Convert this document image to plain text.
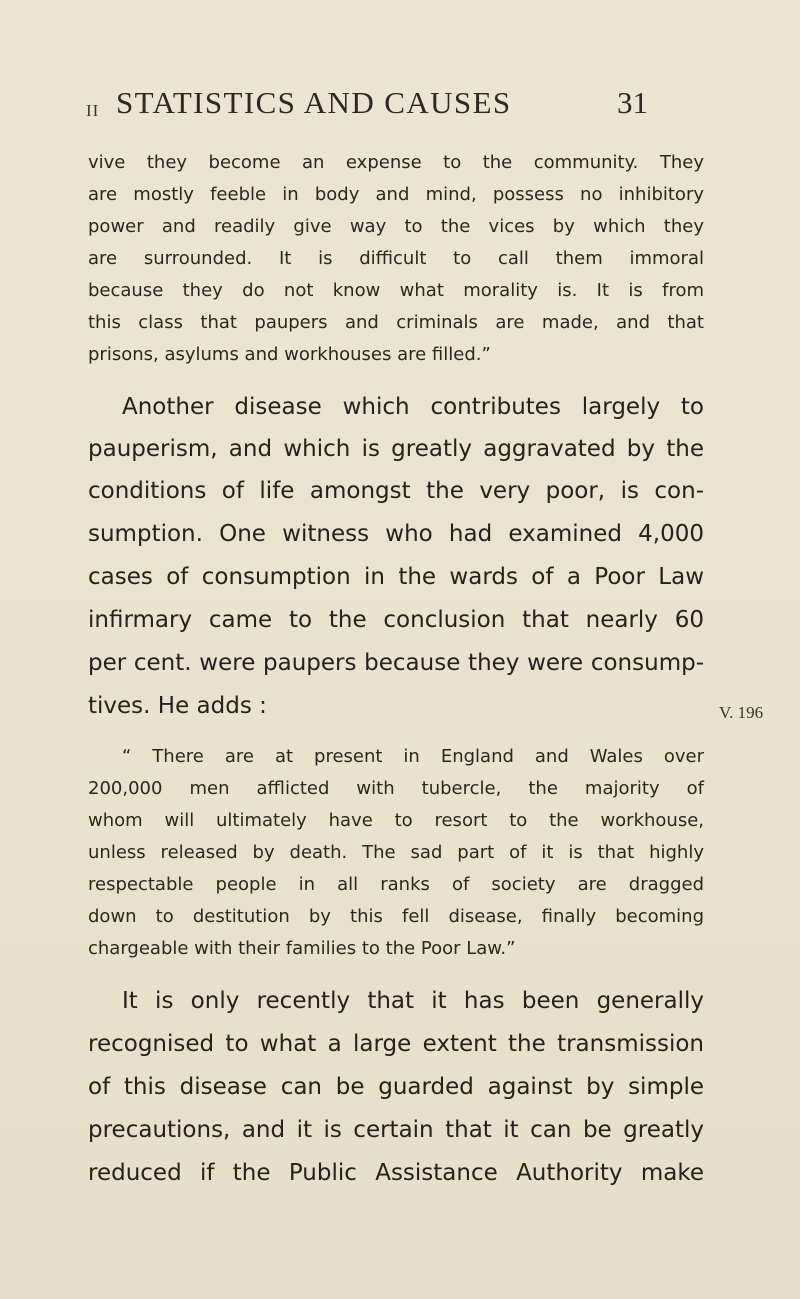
II STATISTICS AND CAUSES	31
vive they become an expense to the community. They
are mostly feeble in body and mind, possess no inhibitory
power and readily give way to the vices by which they
are surrounded. It is difficult to call them immoral
because they do not know what morality is. It is from
this class that paupers and criminals are made, and that
prisons, asylums and workhouses are filled.”
Another disease which contributes largely to
pauperism, and which is greatly aggravated by the
conditions of life amongst the very poor, is con-
sumption. One witness who had examined 4,000
cases of consumption in the wards of a Poor Law
infirmary came to the conclusion that nearly 60
per cent. were paupers because they were consump-
tives. He adds :
“ There are at present in England and Wales over
200,000 men afflicted with tubercle, the majority of
whom will ultimately have to resort to the workhouse,
unless released by death. The sad part of it is that highly
respectable people in all ranks of society are dragged
down to destitution by this fell disease, finally becoming
chargeable with their families to the Poor Law.”
It is only recently that it has been generally
recognised to what a large extent the transmission
of this disease can be guarded against by simple
precautions, and it is certain that it can be greatly
reduced if the Public Assistance Authority make
V. 196
